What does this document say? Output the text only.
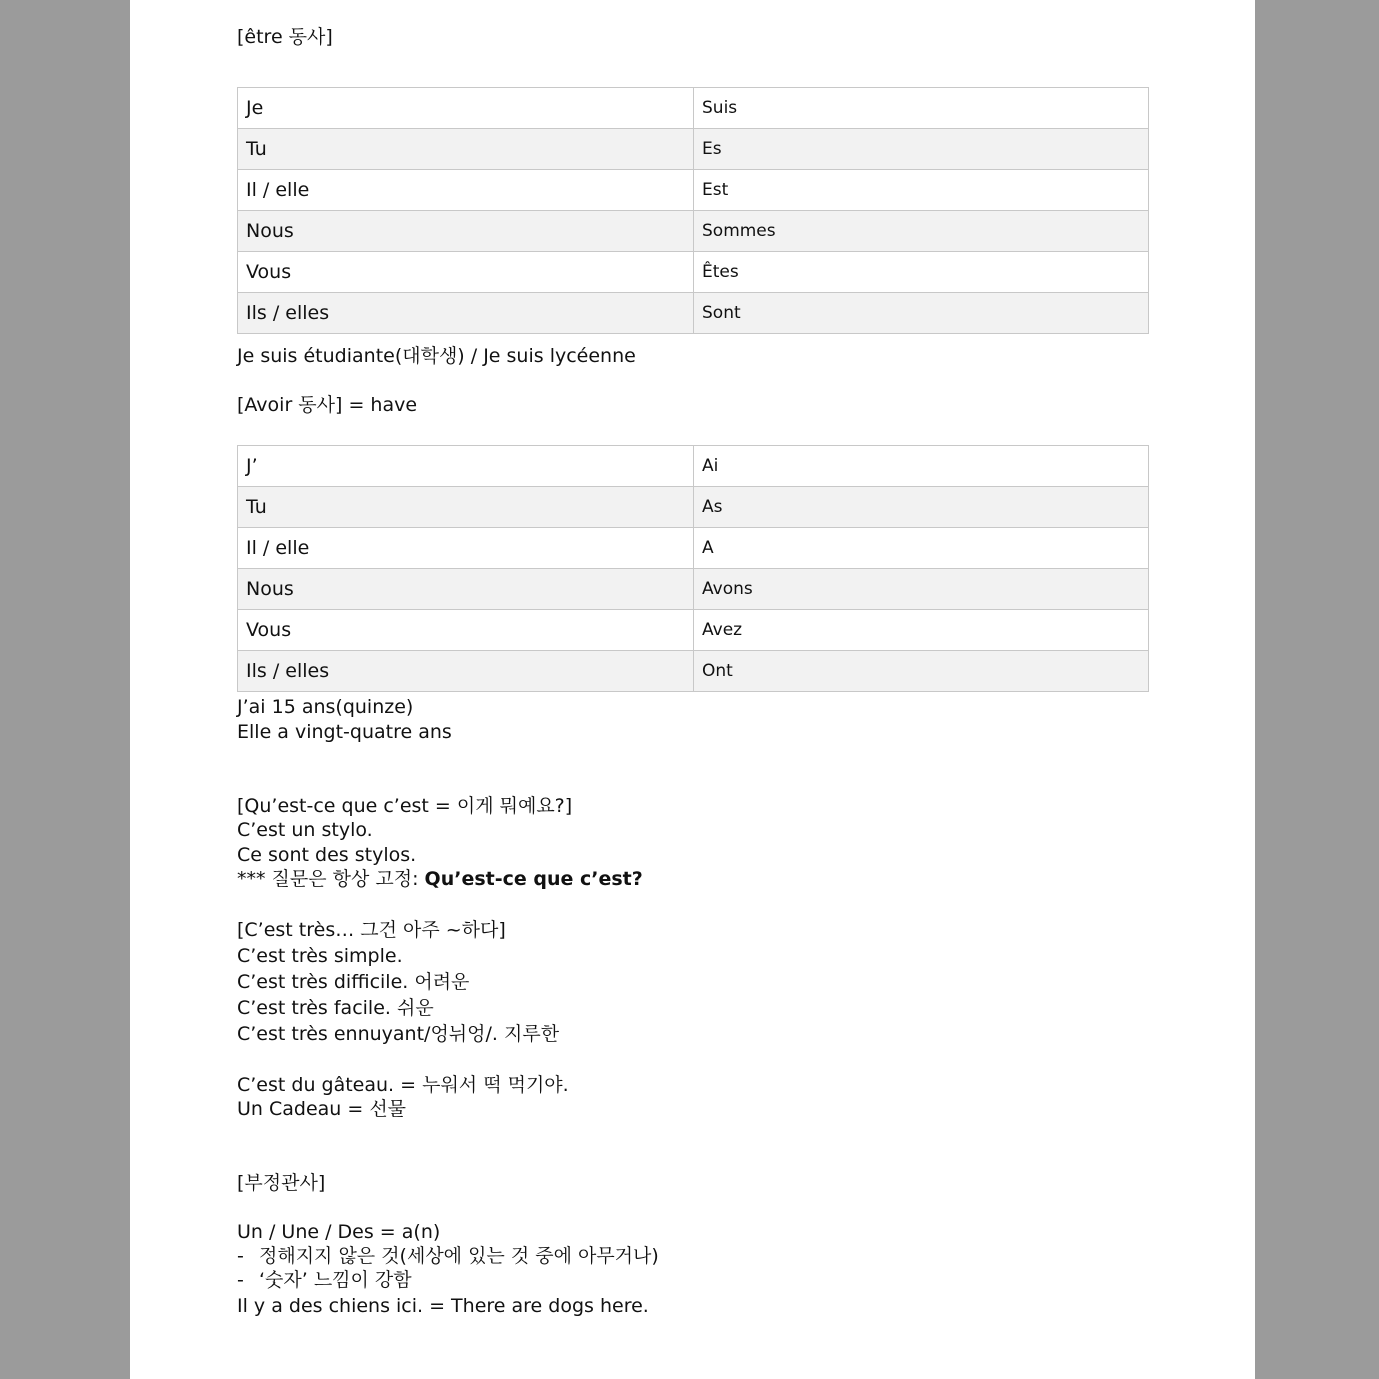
[être 동사]
Je	Suis
Tu	Es
Il / elle	Est
Nous	Sommes
Vous	Êtes
Ils / elles	Sont
Je suis étudiante(대학생) / Je suis lycéenne
[Avoir 동사] = have
J’	Ai
Tu	As
Il / elle	A
Nous	Avons
Vous	Avez
Ils / elles	Ont
J’ai 15 ans(quinze)
Elle a vingt-quatre ans
[Qu’est-ce que c’est = 이게 뭐예요?]
C’est un stylo.
Ce sont des stylos.
*** 질문은 항상 고정: Qu’est-ce que c’est?
[C’est très… 그건 아주 ~하다]
C’est très simple.
C’est très difficile. 어려운
C’est très facile. 쉬운
C’est très ennuyant/엉뉘엉/. 지루한
C’est du gâteau. = 누워서 떡 먹기야.
Un Cadeau = 선물
[부정관사]
Un / Une / Des = a(n)
- 정해지지 않은 것(세상에 있는 것 중에 아무거나)
- ‘숫자’ 느낌이 강함
Il y a des chiens ici. = There are dogs here.
